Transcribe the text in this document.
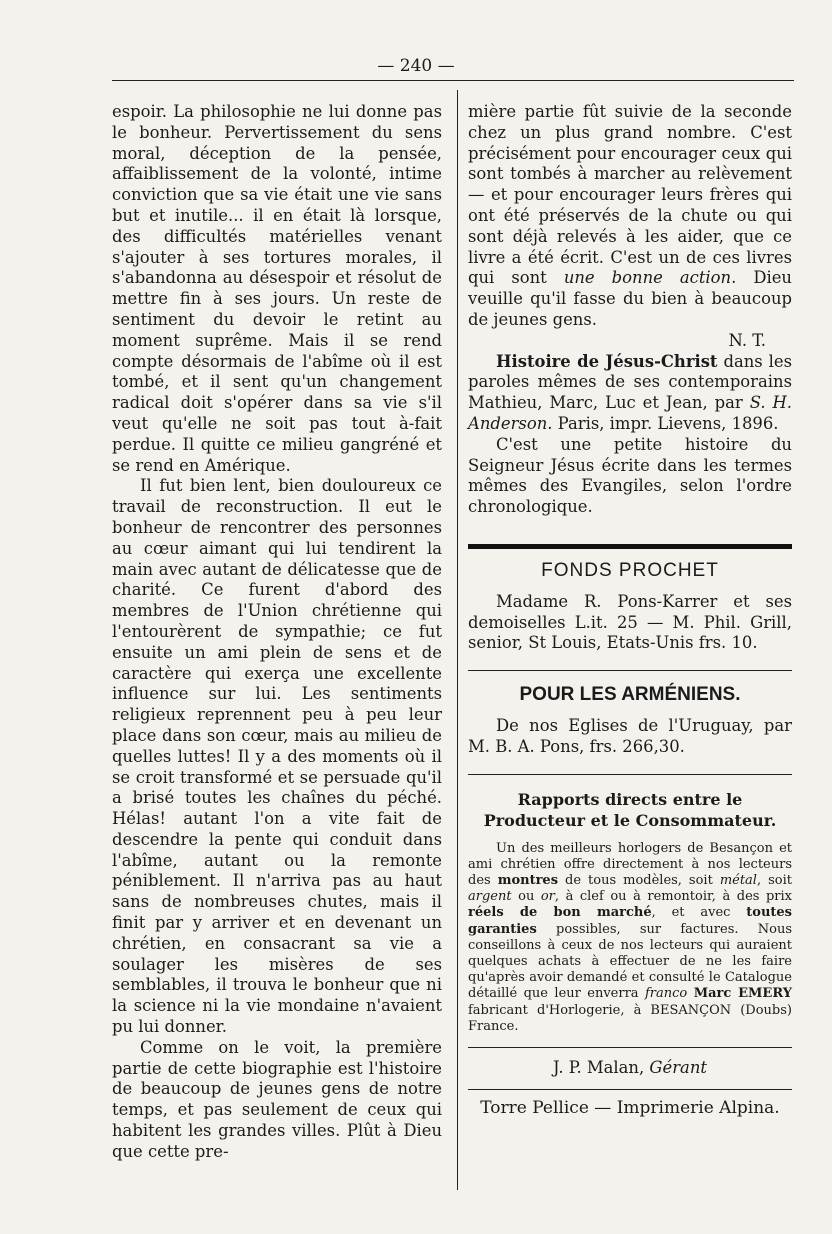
— 240 —

espoir. La philosophie ne lui donne pas le bonheur. Pervertissement du sens moral, déception de la pensée, affaiblissement de la volonté, intime conviction que sa vie était une vie sans but et inutile... il en était là lorsque, des difficultés matérielles venant s'ajouter à ses tortures morales, il s'abandonna au désespoir et résolut de mettre fin à ses jours. Un reste de sentiment du devoir le retint au moment suprême. Mais il se rend compte désormais de l'abîme où il est tombé, et il sent qu'un changement radical doit s'opérer dans sa vie s'il veut qu'elle ne soit pas tout à-fait perdue. Il quitte ce milieu gangréné et se rend en Amérique.

Il fut bien lent, bien douloureux ce travail de reconstruction. Il eut le bonheur de rencontrer des personnes au cœur aimant qui lui tendirent la main avec autant de délicatesse que de charité. Ce furent d'abord des membres de l'Union chrétienne qui l'entourèrent de sympathie; ce fut ensuite un ami plein de sens et de caractère qui exerça une excellente influence sur lui. Les sentiments religieux reprennent peu à peu leur place dans son cœur, mais au milieu de quelles luttes! Il y a des moments où il se croit transformé et se persuade qu'il a brisé toutes les chaînes du péché. Hélas! autant l'on a vite fait de descendre la pente qui conduit dans l'abîme, autant ou la remonte péniblement. Il n'arriva pas au haut sans de nombreuses chutes, mais il finit par y arriver et en devenant un chrétien, en consacrant sa vie a soulager les misères de ses semblables, il trouva le bonheur que ni la science ni la vie mondaine n'avaient pu lui donner.

Comme on le voit, la première partie de cette biographie est l'histoire de beaucoup de jeunes gens de notre temps, et pas seulement de ceux qui habitent les grandes villes. Plût à Dieu que cette pre-

mière partie fût suivie de la seconde chez un plus grand nombre. C'est précisément pour encourager ceux qui sont tombés à marcher au relèvement — et pour encourager leurs frères qui ont été préservés de la chute ou qui sont déjà relevés à les aider, que ce livre a été écrit. C'est un de ces livres qui sont une bonne action. Dieu veuille qu'il fasse du bien à beaucoup de jeunes gens.

N. T.

Histoire de Jésus-Christ dans les paroles mêmes de ses contemporains Mathieu, Marc, Luc et Jean, par S. H. Anderson. Paris, impr. Lievens, 1896.

C'est une petite histoire du Seigneur Jésus écrite dans les termes mêmes des Evangiles, selon l'ordre chronologique.

FONDS PROCHET

Madame R. Pons-Karrer et ses demoiselles L.it. 25 — M. Phil. Grill, senior, St Louis, Etats-Unis frs. 10.

POUR LES ARMÉNIENS.

De nos Eglises de l'Uruguay, par M. B. A. Pons, frs. 266,30.

Rapports directs entre le Producteur et le Consommateur.

Un des meilleurs horlogers de Besançon et ami chrétien offre directement à nos lecteurs des montres de tous modèles, soit métal, soit argent ou or, à clef ou à remontoir, à des prix réels de bon marché, et avec toutes garanties possibles, sur factures. Nous conseillons à ceux de nos lecteurs qui auraient quelques achats à effectuer de ne les faire qu'après avoir demandé et consulté le Catalogue détaillé que leur enverra franco Marc EMERY fabricant d'Horlogerie, à BESANÇON (Doubs) France.

J. P. Malan, Gérant
Torre Pellice — Imprimerie Alpina.
